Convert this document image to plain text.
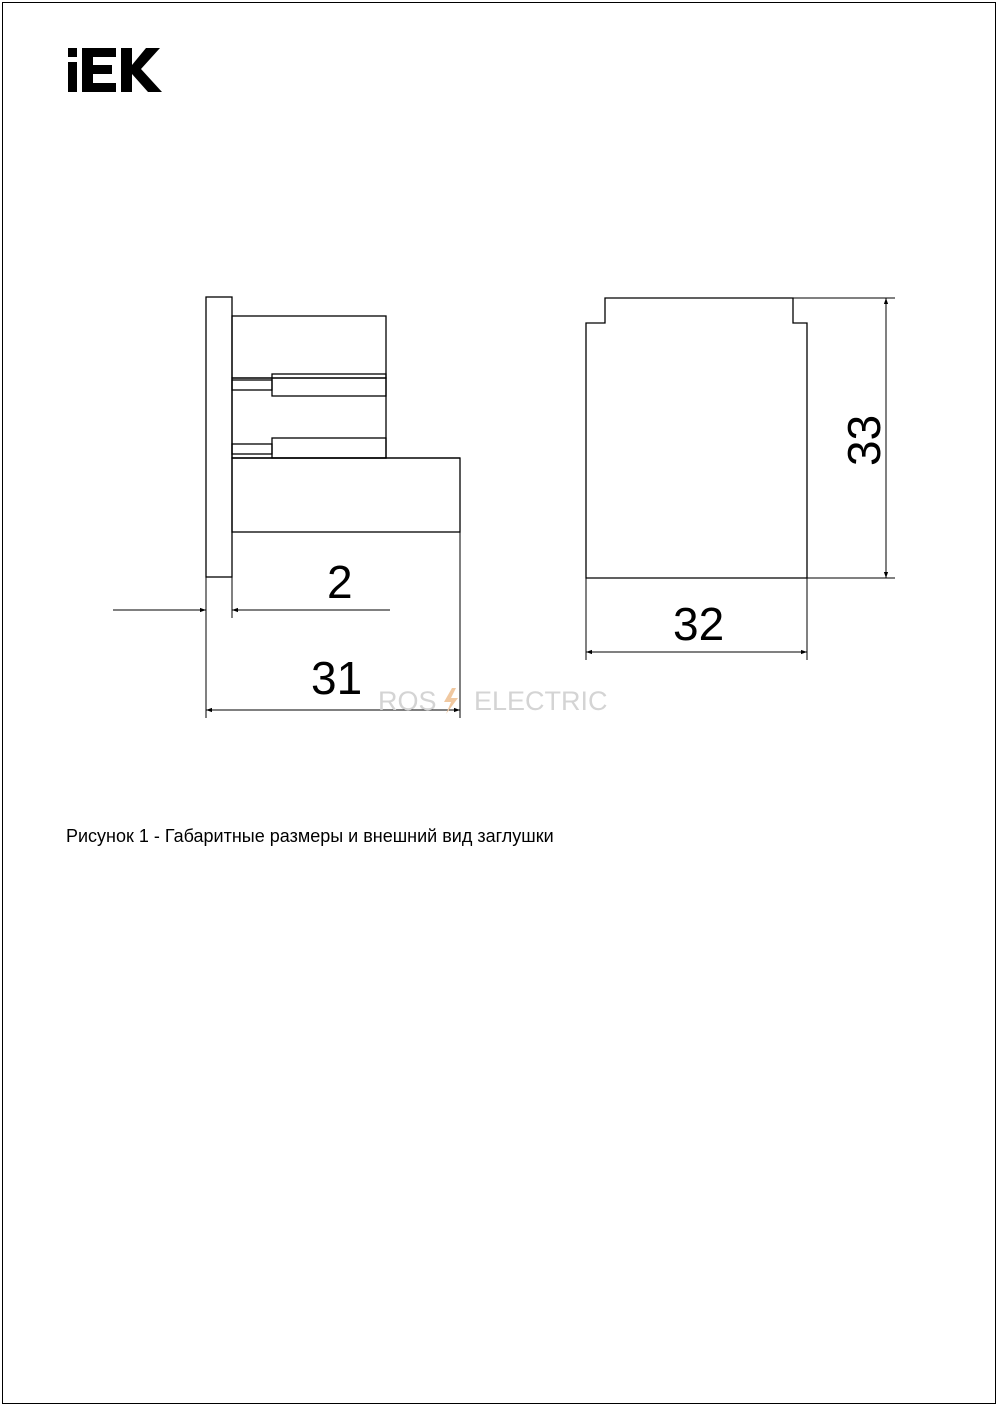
2
31 ROS ELECTRIC
32
33
Рисунок 1 - Габаритные размеры и внешний вид заглушки
